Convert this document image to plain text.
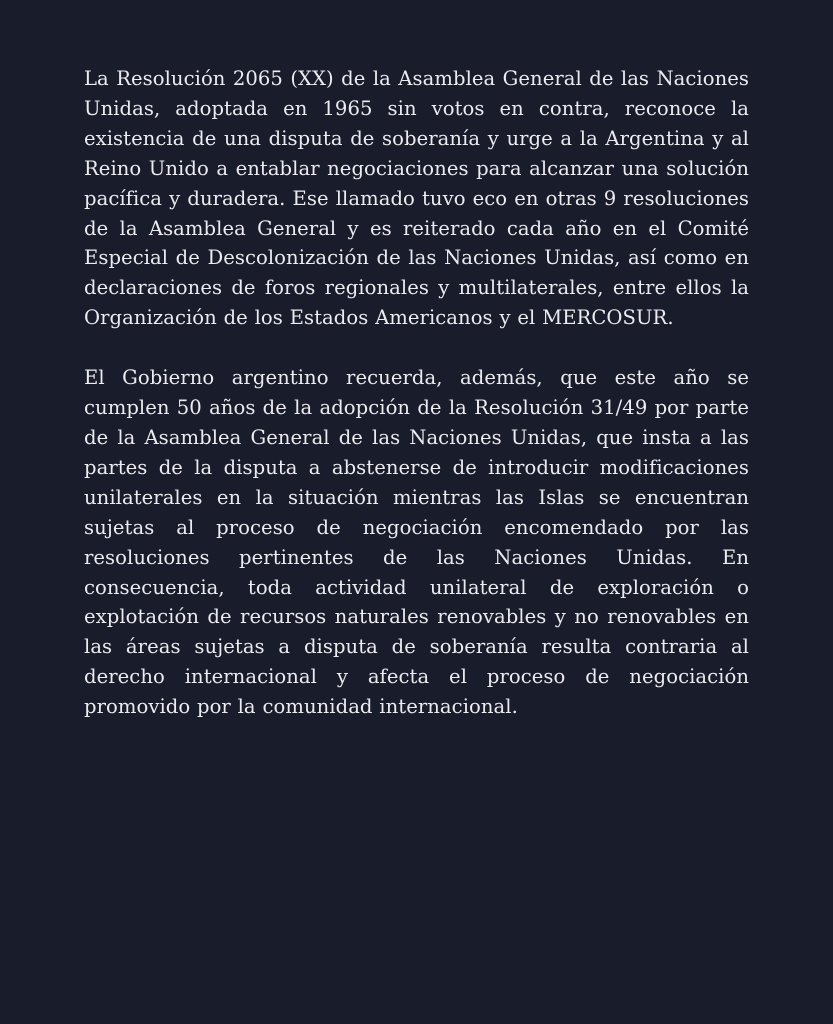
La Resolución 2065 (XX) de la Asamblea General de las Naciones Unidas, adoptada en 1965 sin votos en contra, reconoce la existencia de una disputa de soberanía y urge a la Argentina y al Reino Unido a entablar negociaciones para alcanzar una solución pacífica y duradera. Ese llamado tuvo eco en otras 9 resoluciones de la Asamblea General y es reiterado cada año en el Comité Especial de Descolonización de las Naciones Unidas, así como en declaraciones de foros regionales y multilaterales, entre ellos la Organización de los Estados Americanos y el MERCOSUR.

El Gobierno argentino recuerda, además, que este año se cumplen 50 años de la adopción de la Resolución 31/49 por parte de la Asamblea General de las Naciones Unidas, que insta a las partes de la disputa a abstenerse de introducir modificaciones unilaterales en la situación mientras las Islas se encuentran sujetas al proceso de negociación encomendado por las resoluciones pertinentes de las Naciones Unidas. En consecuencia, toda actividad unilateral de exploración o explotación de recursos naturales renovables y no renovables en las áreas sujetas a disputa de soberanía resulta contraria al derecho internacional y afecta el proceso de negociación promovido por la comunidad internacional.
